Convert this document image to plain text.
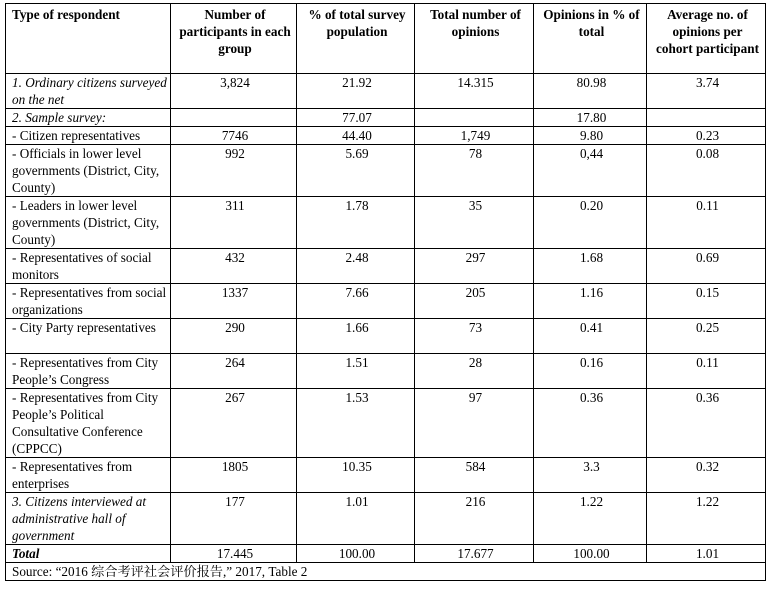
Type of respondent	Number of participants in each group	% of total survey population	Total number of opinions	Opinions in % of total	Average no. of opinions per cohort participant
1. Ordinary citizens surveyed on the net	3,824	21.92	14.315	80.98	3.74
2. Sample survey:		77.07		17.80	
- Citizen representatives	7746	44.40	1,749	9.80	0.23
- Officials in lower level governments (District, City, County)	992	5.69	78	0,44	0.08
- Leaders in lower level governments (District, City, County)	311	1.78	35	0.20	0.11
- Representatives of social monitors	432	2.48	297	1.68	0.69
- Representatives from social organizations	1337	7.66	205	1.16	0.15
- City Party representatives	290	1.66	73	0.41	0.25
- Representatives from City People’s Congress	264	1.51	28	0.16	0.11
- Representatives from City People’s Political Consultative Conference (CPPCC)	267	1.53	97	0.36	0.36
- Representatives from enterprises	1805	10.35	584	3.3	0.32
3. Citizens interviewed at administrative hall of government	177	1.01	216	1.22	1.22
Total	17.445	100.00	17.677	100.00	1.01
Source: “2016 综合考评社会评价报告,” 2017, Table 2					
